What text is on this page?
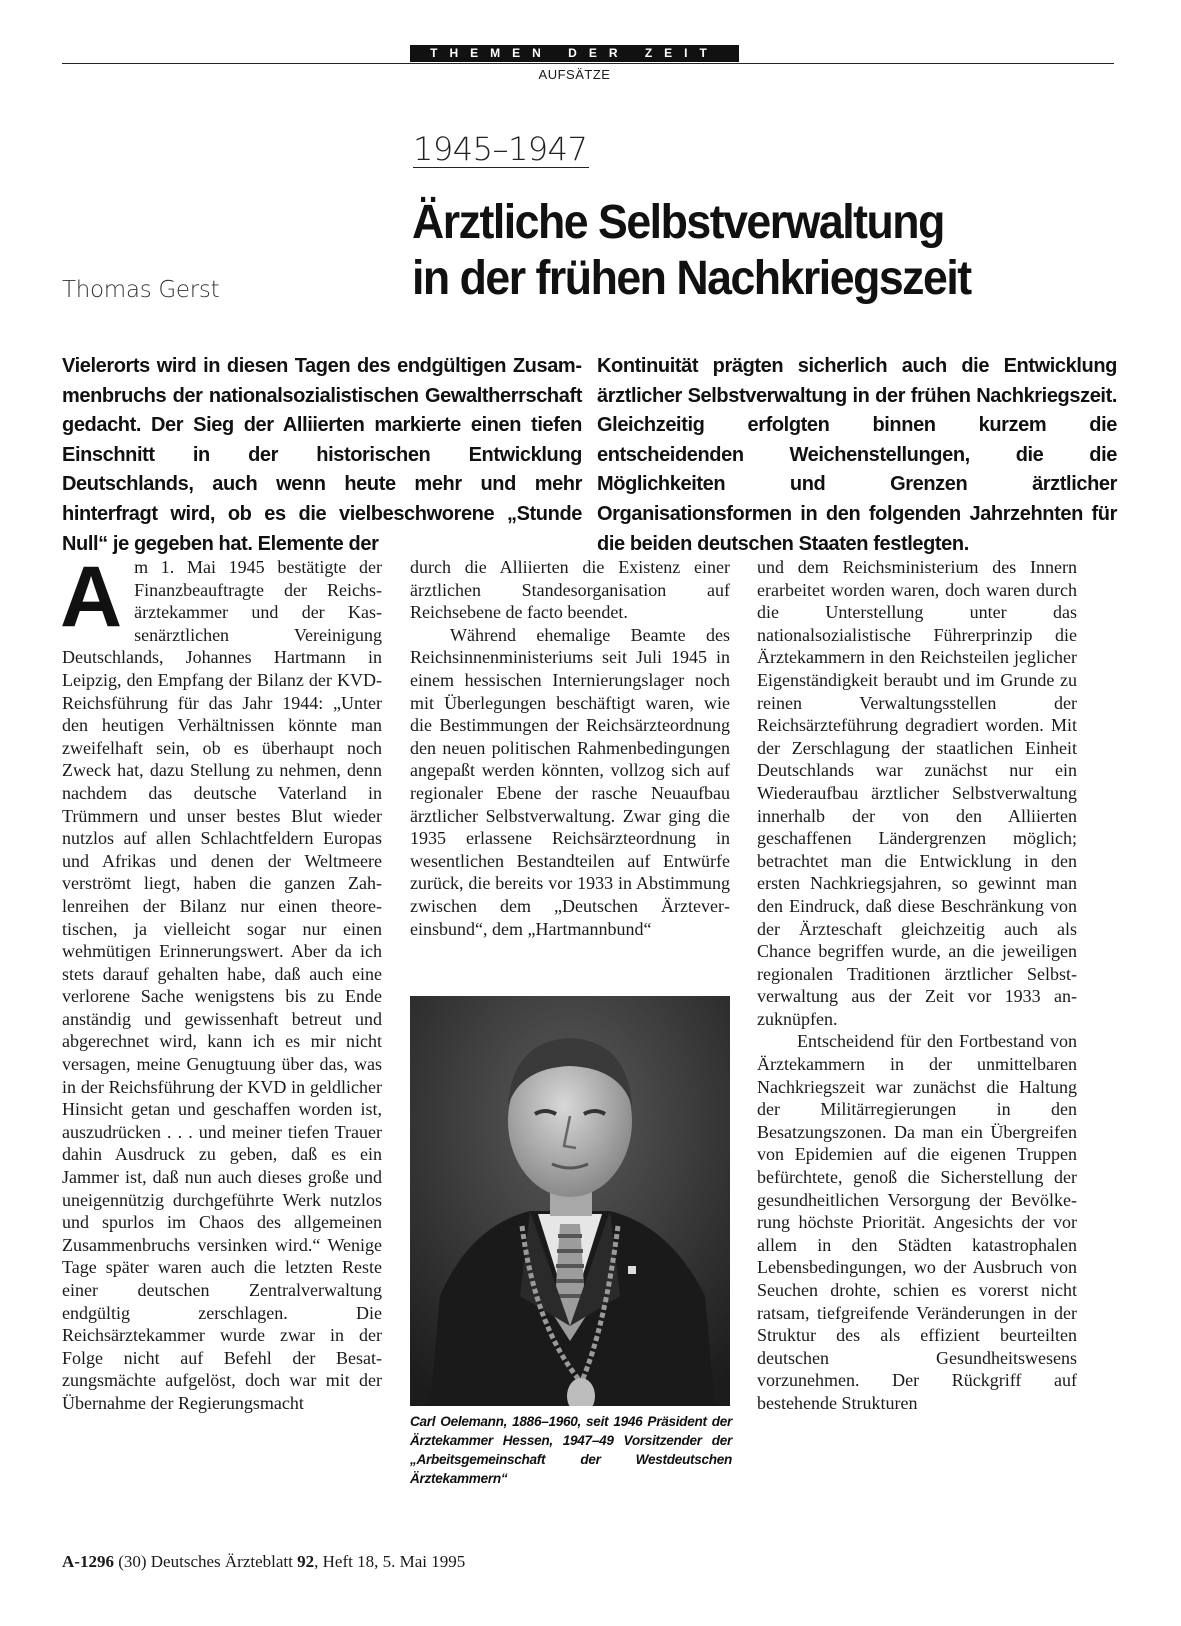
THEMEN DER ZEIT
AUFSÄTZE
1945–1947
Ärztliche Selbstverwaltung
in der frühen Nachkriegszeit
Thomas Gerst
Vielerorts wird in diesen Tagen des endgültigen Zusammenbruchs der nationalsozialistischen Gewaltherrschaft gedacht. Der Sieg der Alliierten markierte einen tiefen Einschnitt in der historischen Entwicklung Deutschlands, auch wenn heute mehr und mehr hinterfragt wird, ob es die vielbeschworene „Stunde Null“ je gegeben hat. Elemente der
Kontinuität prägten sicherlich auch die Entwicklung ärztlicher Selbstverwaltung in der frühen Nachkriegszeit. Gleichzeitig erfolgten binnen kurzem die entscheidenden Weichenstellungen, die die Möglichkeiten und Grenzen ärztlicher Organisationsformen in den folgenden Jahrzehnten für die beiden deutschen Staaten festlegten.

Am 1. Mai 1945 bestätigte der Finanzbeauftragte der Reichsärztekammer und der Kassenärztlichen Vereinigung Deutschlands, Johannes Hartmann in Leipzig, den Empfang der Bilanz der KVD-Reichsführung für das Jahr 1944: „Unter den heutigen Verhältnissen könnte man zweifelhaft sein, ob es überhaupt noch Zweck hat, dazu Stellung zu nehmen, denn nachdem das deutsche Vaterland in Trümmern und unser bestes Blut wieder nutzlos auf allen Schlachtfeldern Europas und Afrikas und denen der Weltmeere verströmt liegt, haben die ganzen Zahlenreihen der Bilanz nur einen theoretischen, ja vielleicht sogar nur einen wehmütigen Erinnerungswert. Aber da ich stets darauf gehalten habe, daß auch eine verlorene Sache wenigstens bis zu Ende anständig und gewissenhaft betreut und abgerechnet wird, kann ich es mir nicht versagen, meine Genugtuung über das, was in der Reichsführung der KVD in geldlicher Hinsicht getan und geschaffen worden ist, auszudrücken . . . und meiner tiefen Trauer dahin Ausdruck zu geben, daß es ein Jammer ist, daß nun auch dieses große und uneigennützig durchgeführte Werk nutzlos und spurlos im Chaos des allgemeinen Zusammenbruchs versinken wird.“ Wenige Tage später waren auch die letzten Reste einer deutschen Zentralverwaltung endgültig zerschlagen. Die Reichsärztekammer wurde zwar in der Folge nicht auf Befehl der Besatzungsmächte aufgelöst, doch war mit der Übernahme der Regierungsmacht

durch die Alliierten die Existenz einer ärztlichen Standesorganisation auf Reichsebene de facto beendet.

Während ehemalige Beamte des Reichsinnenministeriums seit Juli 1945 in einem hessischen Interniеrungslager noch mit Überlegungen beschäftigt waren, wie die Bestimmungen der Reichsärzteordnung den neuen politischen Rahmenbedingungen angepaßt werden könnten, vollzog sich auf regionaler Ebene der rasche Neuaufbau ärztlicher Selbstverwaltung. Zwar ging die 1935 erlassene Reichsärzteordnung in wesentlichen Bestandteilen auf Entwürfe zurück, die bereits vor 1933 in Abstimmung zwischen dem „Deutschen Ärztevereinsbund“, dem „Hartmannbund“

und dem Reichsministerium des Innern erarbeitet worden waren, doch waren durch die Unterstellung unter das nationalsozialistische Führerprinzip die Ärztekammern in den Reichsteilen jeglicher Eigenständigkeit beraubt und im Grunde zu reinen Verwaltungsstellen der Reichsärzteführung degradiert worden. Mit der Zerschlagung der staatlichen Einheit Deutschlands war zunächst nur ein Wiederaufbau ärztlicher Selbstverwaltung innerhalb der von den Alliierten geschaffenen Ländergrenzen möglich; betrachtet man die Entwicklung in den ersten Nachkriegsjahren, so gewinnt man den Eindruck, daß diese Beschränkung von der Ärzteschaft gleichzeitig auch als Chance begriffen wurde, an die jeweiligen regionalen Traditionen ärztlicher Selbstverwaltung aus der Zeit vor 1933 anzuknüpfen.

Entscheidend für den Fortbestand von Ärztekammern in der unmittelbaren Nachkriegszeit war zunächst die Haltung der Militärregierungen in den Besatzungszonen. Da man ein Übergreifen von Epidemien auf die eigenen Truppen befürchtete, genoß die Sicherstellung der gesundheitlichen Versorgung der Bevölkerung höchste Priorität. Angesichts der vor allem in den Städten katastrophalen Lebensbedingungen, wo der Ausbruch von Seuchen drohte, schien es vorerst nicht ratsam, tiefgreifende Veränderungen in der Struktur des als effizient beurteilten deutschen Gesundheitswesens vorzunehmen. Der Rückgriff auf bestehende Strukturen

Carl Oelemann, 1886–1960, seit 1946 Präsident der Ärztekammer Hessen, 1947–49 Vorsitzender der „Arbeitsgemeinschaft der Westdeutschen Ärztekammern“
A-1296 (30) Deutsches Ärzteblatt 92, Heft 18, 5. Mai 1995
